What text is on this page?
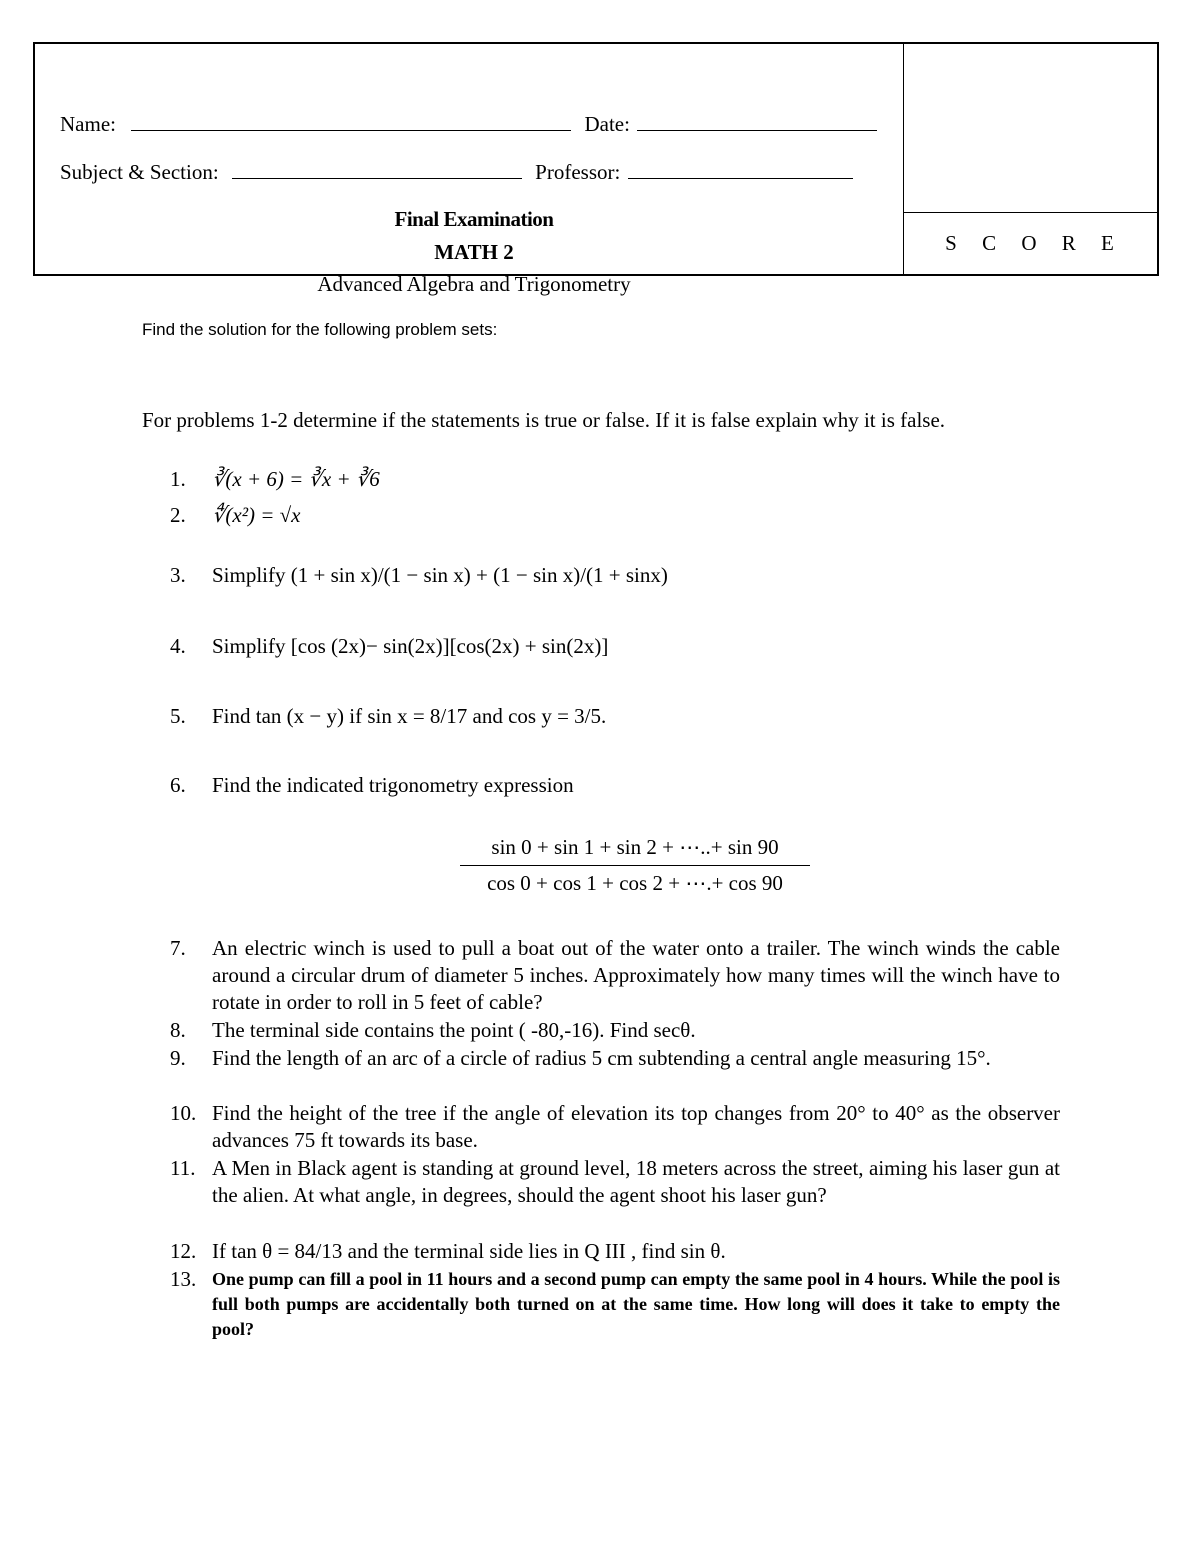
Name:	Date:
Subject & Section:	Professor:
Final Examination
MATH 2
Advanced Algebra and Trigonometry
S C O R E
Find the solution for the following problem sets:
For problems 1-2 determine if the statements is true or false. If it is false explain why it is false.
1.	∛(x + 6) = ∛x + ∛6
2.	∜(x²) = √x
3.	Simplify (1 + sin x)/(1 − sin x) + (1 − sin x)/(1 + sinx)
4.	Simplify [cos (2x)− sin(2x)][cos(2x) + sin(2x)]
5.	Find tan (x − y) if sin x = 8/17 and cos y = 3/5.
6.	Find the indicated trigonometry expression
$\frac{\sin 0 + \sin 1 + \sin 2 + \cdots..+ \sin 90}{\cos 0 + \cos 1 + \cos 2 + \cdots.+ \cos 90}$
7.	An electric winch is used to pull a boat out of the water onto a trailer. The winch winds the cable around a circular drum of diameter 5 inches. Approximately how many times will the winch have to rotate in order to roll in 5 feet of cable?
8.	The terminal side contains the point ( -80,-16). Find secθ.
9.	Find the length of an arc of a circle of radius 5 cm subtending a central angle measuring 15°.
10. Find the height of the tree if the angle of elevation its top changes from 20° to 40° as the observer advances 75 ft towards its base.
11. A Men in Black agent is standing at ground level, 18 meters across the street, aiming his laser gun at the alien. At what angle, in degrees, should the agent shoot his laser gun?
12. If tan θ = 84/13 and the terminal side lies in Q III , find sin θ.
13. One pump can fill a pool in 11 hours and a second pump can empty the same pool in 4 hours. While the pool is full both pumps are accidentally both turned on at the same time. How long will does it take to empty the pool?
